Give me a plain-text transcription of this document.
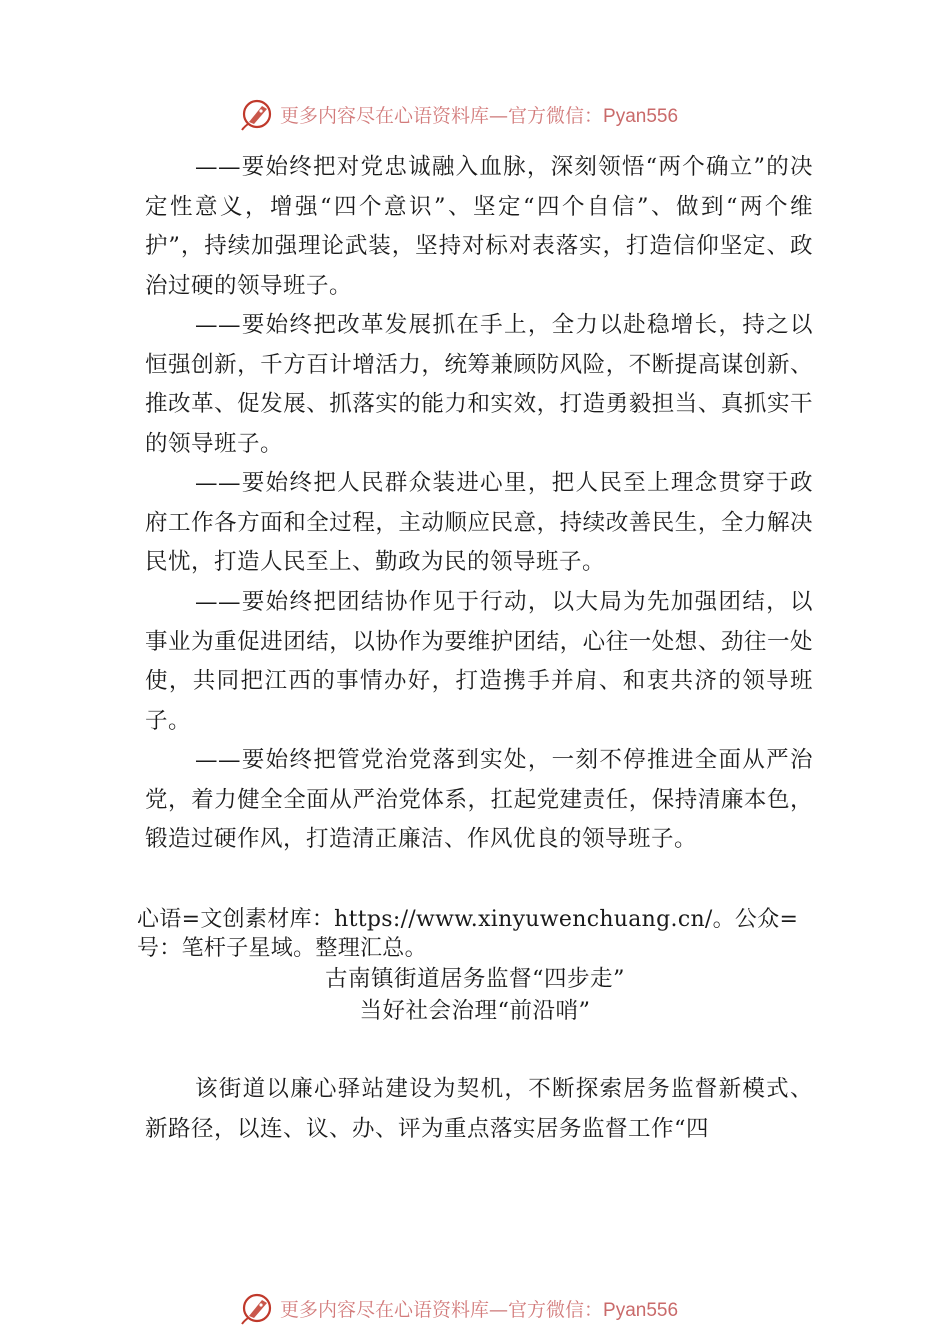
更多内容尽在心语资料库—官方微信：Pyan556

——要始终把对党忠诚融入血脉，深刻领悟“两个确立”的决定性意义，增强“四个意识”、坚定“四个自信”、做到“两个维护”，持续加强理论武装，坚持对标对表落实，打造信仰坚定、政治过硬的领导班子。

——要始终把改革发展抓在手上，全力以赴稳增长，持之以恒强创新，千方百计增活力，统筹兼顾防风险，不断提高谋创新、推改革、促发展、抓落实的能力和实效，打造勇毅担当、真抓实干的领导班子。

——要始终把人民群众装进心里，把人民至上理念贯穿于政府工作各方面和全过程，主动顺应民意，持续改善民生，全力解决民忧，打造人民至上、勤政为民的领导班子。

——要始终把团结协作见于行动，以大局为先加强团结，以事业为重促进团结，以协作为要维护团结，心往一处想、劲往一处使，共同把江西的事情办好，打造携手并肩、和衷共济的领导班子。

——要始终把管党治党落到实处，一刻不停推进全面从严治党，着力健全全面从严治党体系，扛起党建责任，保持清廉本色，锻造过硬作风，打造清正廉洁、作风优良的领导班子。

心语=文创素材库：https://www.xinyuwenchuang.cn/。公众=号：笔杆子星域。整理汇总。
古南镇街道居务监督“四步走”
当好社会治理“前沿哨”

该街道以廉心驿站建设为契机，不断探索居务监督新模式、新路径，以连、议、办、评为重点落实居务监督工作“四

更多内容尽在心语资料库—官方微信：Pyan556
